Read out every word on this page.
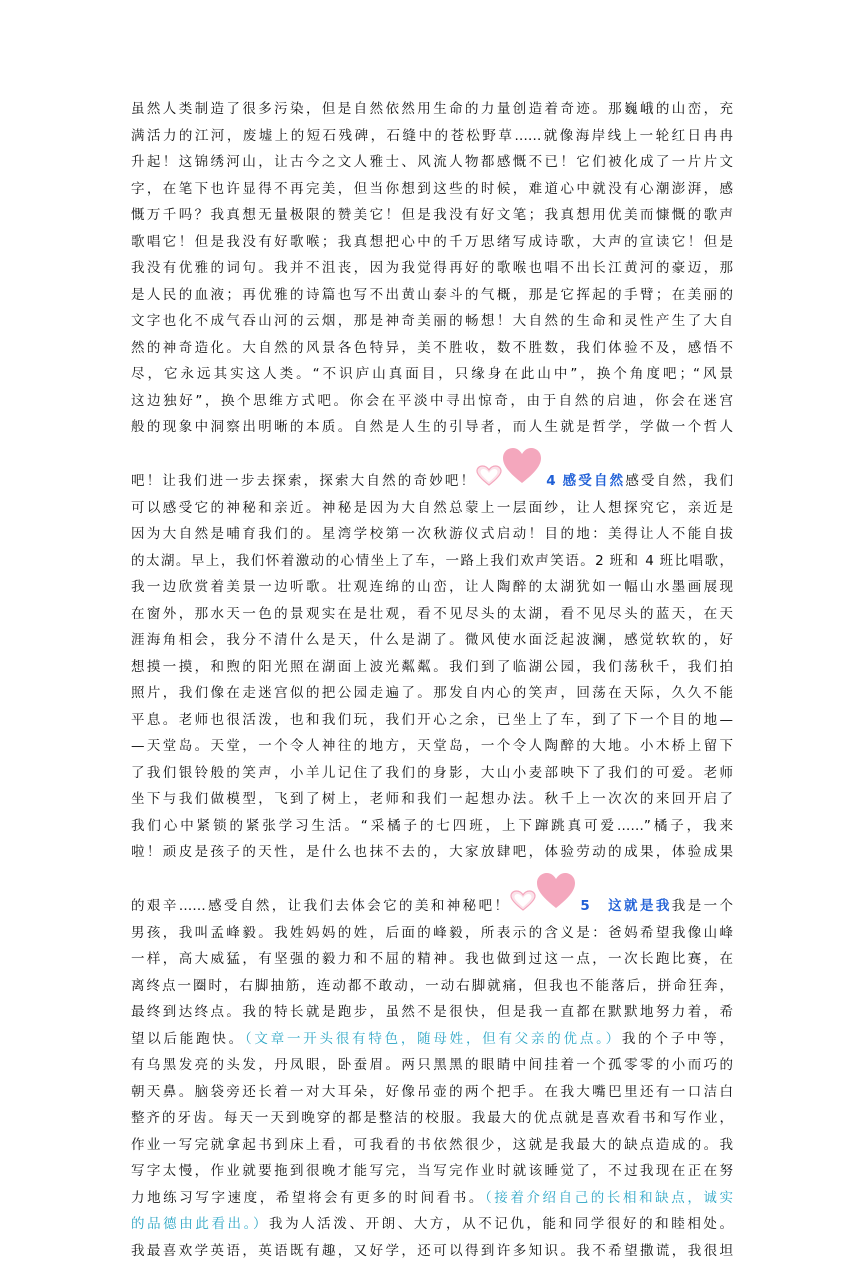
虽然人类制造了很多污染，但是自然依然用生命的力量创造着奇迹。那巍峨的山峦，充
满活力的江河，废墟上的短石残碑，石缝中的苍松野草……就像海岸线上一轮红日冉冉
升起！这锦绣河山，让古今之文人雅士、风流人物都感慨不已！它们被化成了一片片文
字，在笔下也许显得不再完美，但当你想到这些的时候，难道心中就没有心潮澎湃，感
慨万千吗？我真想无量极限的赞美它！但是我没有好文笔；我真想用优美而慷慨的歌声
歌唱它！但是我没有好歌喉；我真想把心中的千万思绪写成诗歌，大声的宣读它！但是
我没有优雅的词句。我并不沮丧，因为我觉得再好的歌喉也唱不出长江黄河的豪迈，那
是人民的血液；再优雅的诗篇也写不出黄山泰斗的气概，那是它挥起的手臂；在美丽的
文字也化不成气吞山河的云烟，那是神奇美丽的畅想！大自然的生命和灵性产生了大自
然的神奇造化。大自然的风景各色特异，美不胜收，数不胜数，我们体验不及，感悟不
尽，它永远其实这人类。“不识庐山真面目，只缘身在此山中”，换个角度吧；“风景
这边独好”，换个思维方式吧。你会在平淡中寻出惊奇，由于自然的启迪，你会在迷宫
般的现象中洞察出明晰的本质。自然是人生的引导者，而人生就是哲学，学做一个哲人
吧！让我们进一步去探索，探索大自然的奇妙吧！	4 感受自然感受自然，我们
可以感受它的神秘和亲近。神秘是因为大自然总蒙上一层面纱，让人想探究它，亲近是
因为大自然是哺育我们的。星湾学校第一次秋游仪式启动！目的地：美得让人不能自拔
的太湖。早上，我们怀着激动的心情坐上了车，一路上我们欢声笑语。2 班和 4 班比唱歌，
我一边欣赏着美景一边听歌。壮观连绵的山峦，让人陶醉的太湖犹如一幅山水墨画展现
在窗外，那水天一色的景观实在是壮观，看不见尽头的太湖，看不见尽头的蓝天，在天
涯海角相会，我分不清什么是天，什么是湖了。微风使水面泛起波澜，感觉软软的，好
想摸一摸，和煦的阳光照在湖面上波光粼粼。我们到了临湖公园，我们荡秋千，我们拍
照片，我们像在走迷宫似的把公园走遍了。那发自内心的笑声，回荡在天际，久久不能
平息。老师也很活泼，也和我们玩，我们开心之余，已坐上了车，到了下一个目的地—
—天堂岛。天堂，一个令人神往的地方，天堂岛，一个令人陶醉的大地。小木桥上留下
了我们银铃般的笑声，小羊儿记住了我们的身影，大山小麦部映下了我们的可爱。老师
坐下与我们做模型，飞到了树上，老师和我们一起想办法。秋千上一次次的来回开启了
我们心中紧锁的紧张学习生活。“采橘子的七四班，上下蹿跳真可爱……”橘子，我来
啦！顽皮是孩子的天性，是什么也抹不去的，大家放肆吧，体验劳动的成果，体验成果
的艰辛……感受自然，让我们去体会它的美和神秘吧！	5　这就是我我是一个
男孩，我叫孟峰毅。我姓妈妈的姓，后面的峰毅，所表示的含义是：爸妈希望我像山峰
一样，高大威猛，有坚强的毅力和不屈的精神。我也做到过这一点，一次长跑比赛，在
离终点一圈时，右脚抽筋，连动都不敢动，一动右脚就痛，但我也不能落后，拼命狂奔，
最终到达终点。我的特长就是跑步，虽然不是很快，但是我一直都在默默地努力着，希
望以后能跑快。（文章一开头很有特色，随母姓，但有父亲的优点。）我的个子中等，
有乌黑发亮的头发，丹凤眼，卧蚕眉。两只黑黑的眼睛中间挂着一个孤零零的小而巧的
朝天鼻。脑袋旁还长着一对大耳朵，好像吊壶的两个把手。在我大嘴巴里还有一口洁白
整齐的牙齿。每天一天到晚穿的都是整洁的校服。我最大的优点就是喜欢看书和写作业，
作业一写完就拿起书到床上看，可我看的书依然很少，这就是我最大的缺点造成的。我
写字太慢，作业就要拖到很晚才能写完，当写完作业时就该睡觉了，不过我现在正在努
力地练习写字速度，希望将会有更多的时间看书。（接着介绍自己的长相和缺点，诚实
的品德由此看出。）我为人活泼、开朗、大方，从不记仇，能和同学很好的和睦相处。
我最喜欢学英语，英语既有趣，又好学，还可以得到许多知识。我不希望撒谎，我很坦
